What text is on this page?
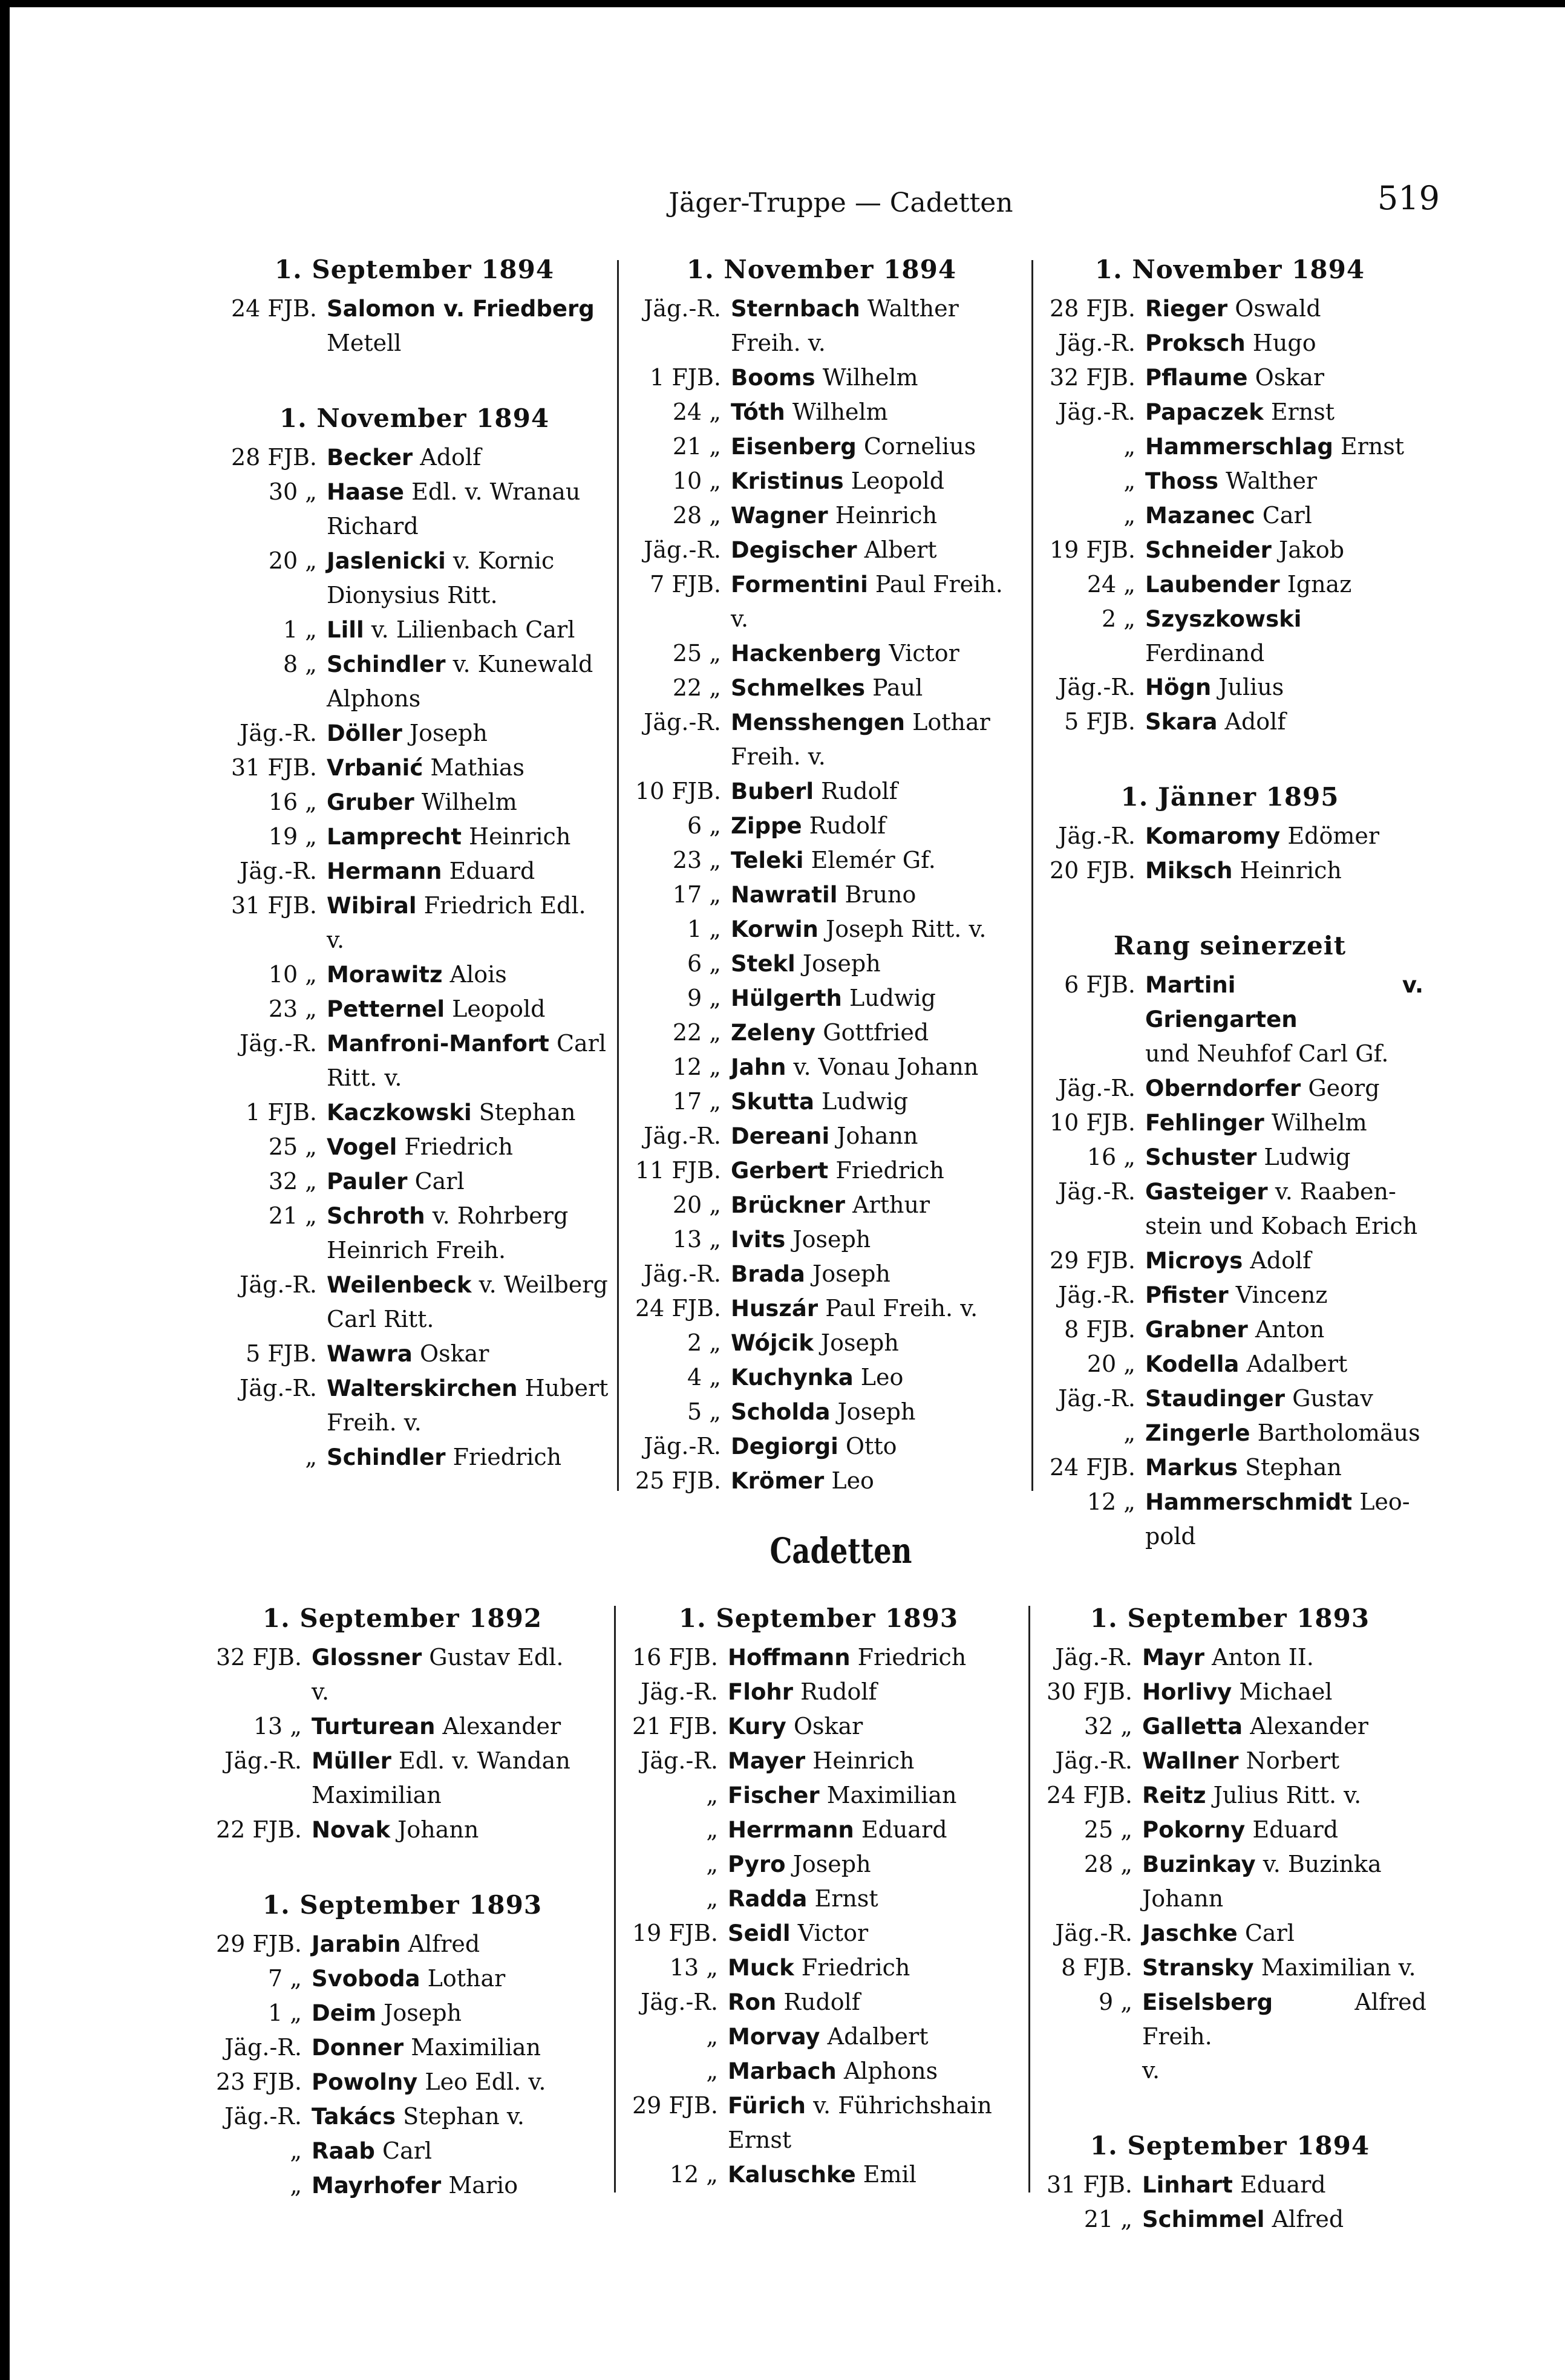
Jäger-Truppe — Cadetten	519
1. September 1894
24 FJB. Salomon v. Friedberg
Metell
1. November 1894
28 FJB. Becker Adolf
30 „ Haase Edl. v. Wranau
Richard
20 „ Jaslenicki v. Kornic
Dionysius Ritt.
1 „ Lill v. Lilienbach Carl
8 „ Schindler v. Kunewald
Alphons
Jäg.-R. Döller Joseph
31 FJB. Vrbanić Mathias
16 „ Gruber Wilhelm
19 „ Lamprecht Heinrich
Jäg.-R. Hermann Eduard
31 FJB. Wibiral Friedrich Edl.
v.
10 „ Morawitz Alois
23 „ Petternel Leopold
Jäg.-R. Manfroni-Manfort Carl
Ritt. v.
1 FJB. Kaczkowski Stephan
25 „ Vogel Friedrich
32 „ Pauler Carl
21 „ Schroth v. Rohrberg
Heinrich Freih.
Jäg.-R. Weilenbeck v. Weilberg
Carl Ritt.
5 FJB. Wawra Oskar
Jäg.-R. Walterskirchen Hubert
Freih. v.
„ Schindler Friedrich
1. November 1894
Jäg.-R. Sternbach Walther
Freih. v.
1 FJB. Booms Wilhelm
24 „ Tóth Wilhelm
21 „ Eisenberg Cornelius
10 „ Kristinus Leopold
28 „ Wagner Heinrich
Jäg.-R. Degischer Albert
7 FJB. Formentini Paul Freih.
v.
25 „ Hackenberg Victor
22 „ Schmelkes Paul
Jäg.-R. Mensshengen Lothar
Freih. v.
10 FJB. Buberl Rudolf
6 „ Zippe Rudolf
23 „ Teleki Elemér Gf.
17 „ Nawratil Bruno
1 „ Korwin Joseph Ritt. v.
6 „ Stekl Joseph
9 „ Hülgerth Ludwig
22 „ Zeleny Gottfried
12 „ Jahn v. Vonau Johann
17 „ Skutta Ludwig
Jäg.-R. Dereani Johann
11 FJB. Gerbert Friedrich
20 „ Brückner Arthur
13 „ Ivits Joseph
Jäg.-R. Brada Joseph
24 FJB. Huszár Paul Freih. v.
2 „ Wójcik Joseph
4 „ Kuchynka Leo
5 „ Scholda Joseph
Jäg.-R. Degiorgi Otto
25 FJB. Krömer Leo
1. November 1894
28 FJB. Rieger Oswald
Jäg.-R. Proksch Hugo
32 FJB. Pflaume Oskar
Jäg.-R. Papaczek Ernst
„ Hammerschlag Ernst
„ Thoss Walther
„ Mazanec Carl
19 FJB. Schneider Jakob
24 „ Laubender Ignaz
2 „ Szyszkowski Ferdinand
Jäg.-R. Högn Julius
5 FJB. Skara Adolf
1. Jänner 1895
Jäg.-R. Komaromy Edömer
20 FJB. Miksch Heinrich
Rang seinerzeit
6 FJB. Martini v. Griengarten
und Neuhfof Carl Gf.
Jäg.-R. Oberndorfer Georg
10 FJB. Fehlinger Wilhelm
16 „ Schuster Ludwig
Jäg.-R. Gasteiger v. Raaben-
stein und Kobach Erich
29 FJB. Microys Adolf
Jäg.-R. Pfister Vincenz
8 FJB. Grabner Anton
20 „ Kodella Adalbert
Jäg.-R. Staudinger Gustav
„ Zingerle Bartholomäus
24 FJB. Markus Stephan
12 „ Hammerschmidt Leo-
pold
Cadetten
1. September 1892
32 FJB. Glossner Gustav Edl.
v.
13 „ Turturean Alexander
Jäg.-R. Müller Edl. v. Wandan
Maximilian
22 FJB. Novak Johann
1. September 1893
29 FJB. Jarabin Alfred
7 „ Svoboda Lothar
1 „ Deim Joseph
Jäg.-R. Donner Maximilian
23 FJB. Powolny Leo Edl. v.
Jäg.-R. Takács Stephan v.
„ Raab Carl
„ Mayrhofer Mario
1. September 1893
16 FJB. Hoffmann Friedrich
Jäg.-R. Flohr Rudolf
21 FJB. Kury Oskar
Jäg.-R. Mayer Heinrich
„ Fischer Maximilian
„ Herrmann Eduard
„ Pyro Joseph
„ Radda Ernst
19 FJB. Seidl Victor
13 „ Muck Friedrich
Jäg.-R. Ron Rudolf
„ Morvay Adalbert
„ Marbach Alphons
29 FJB. Fürich v. Führichshain
Ernst
12 „ Kaluschke Emil
1. September 1893
Jäg.-R. Mayr Anton II.
30 FJB. Horlivy Michael
32 „ Galletta Alexander
Jäg.-R. Wallner Norbert
24 FJB. Reitz Julius Ritt. v.
25 „ Pokorny Eduard
28 „ Buzinkay v. Buzinka
Johann
Jäg.-R. Jaschke Carl
8 FJB. Stransky Maximilian v.
9 „ Eiselsberg	Alfred Freih.
v.
1. September 1894
31 FJB. Linhart Eduard
21 „ Schimmel Alfred
